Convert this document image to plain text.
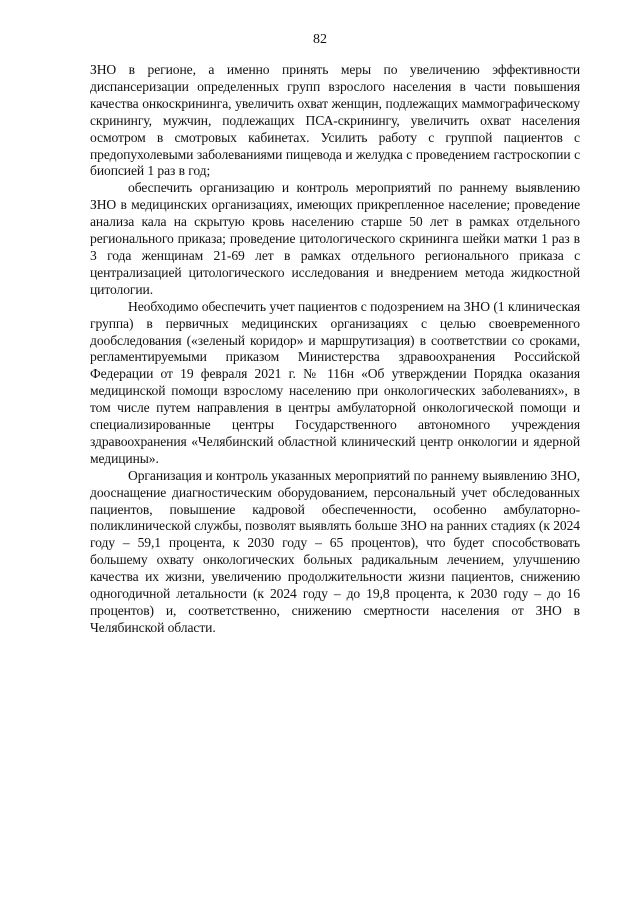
82

ЗНО в регионе, а именно принять меры по увеличению эффективности диспансеризации определенных групп взрослого населения в части повышения качества онкоскрининга, увеличить охват женщин, подлежащих маммографическому скринингу, мужчин, подлежащих ПСА-скринингу, увеличить охват населения осмотром в смотровых кабинетах. Усилить работу с группой пациентов с предопухолевыми заболеваниями пищевода и желудка с проведением гастроскопии с биопсией 1 раз в год;

обеспечить организацию и контроль мероприятий по раннему выявлению ЗНО в медицинских организациях, имеющих прикрепленное население; проведение анализа кала на скрытую кровь населению старше 50 лет в рамках отдельного регионального приказа; проведение цитологического скрининга шейки матки 1 раз в 3 года женщинам 21-69 лет в рамках отдельного регионального приказа с централизацией цитологического исследования и внедрением метода жидкостной цитологии.

Необходимо обеспечить учет пациентов с подозрением на ЗНО (1 клиническая группа) в первичных медицинских организациях с целью своевременного дообследования («зеленый коридор» и маршрутизация) в соответствии со сроками, регламентируемыми приказом Министерства здравоохранения Российской Федерации от 19 февраля 2021 г. № 116н «Об утверждении Порядка оказания медицинской помощи взрослому населению при онкологических заболеваниях», в том числе путем направления в центры амбулаторной онкологической помощи и специализированные центры Государственного автономного учреждения здравоохранения «Челябинский областной клинический центр онкологии и ядерной медицины».

Организация и контроль указанных мероприятий по раннему выявлению ЗНО, дооснащение диагностическим оборудованием, персональный учет обследованных пациентов, повышение кадровой обеспеченности, особенно амбулаторно-поликлинической службы, позволят выявлять больше ЗНО на ранних стадиях (к 2024 году – 59,1 процента, к 2030 году – 65 процентов), что будет способствовать большему охвату онкологических больных радикальным лечением, улучшению качества их жизни, увеличению продолжительности жизни пациентов, снижению одногодичной летальности (к 2024 году – до 19,8 процента, к 2030 году – до 16 процентов) и, соответственно, снижению смертности населения от ЗНО в Челябинской области.
